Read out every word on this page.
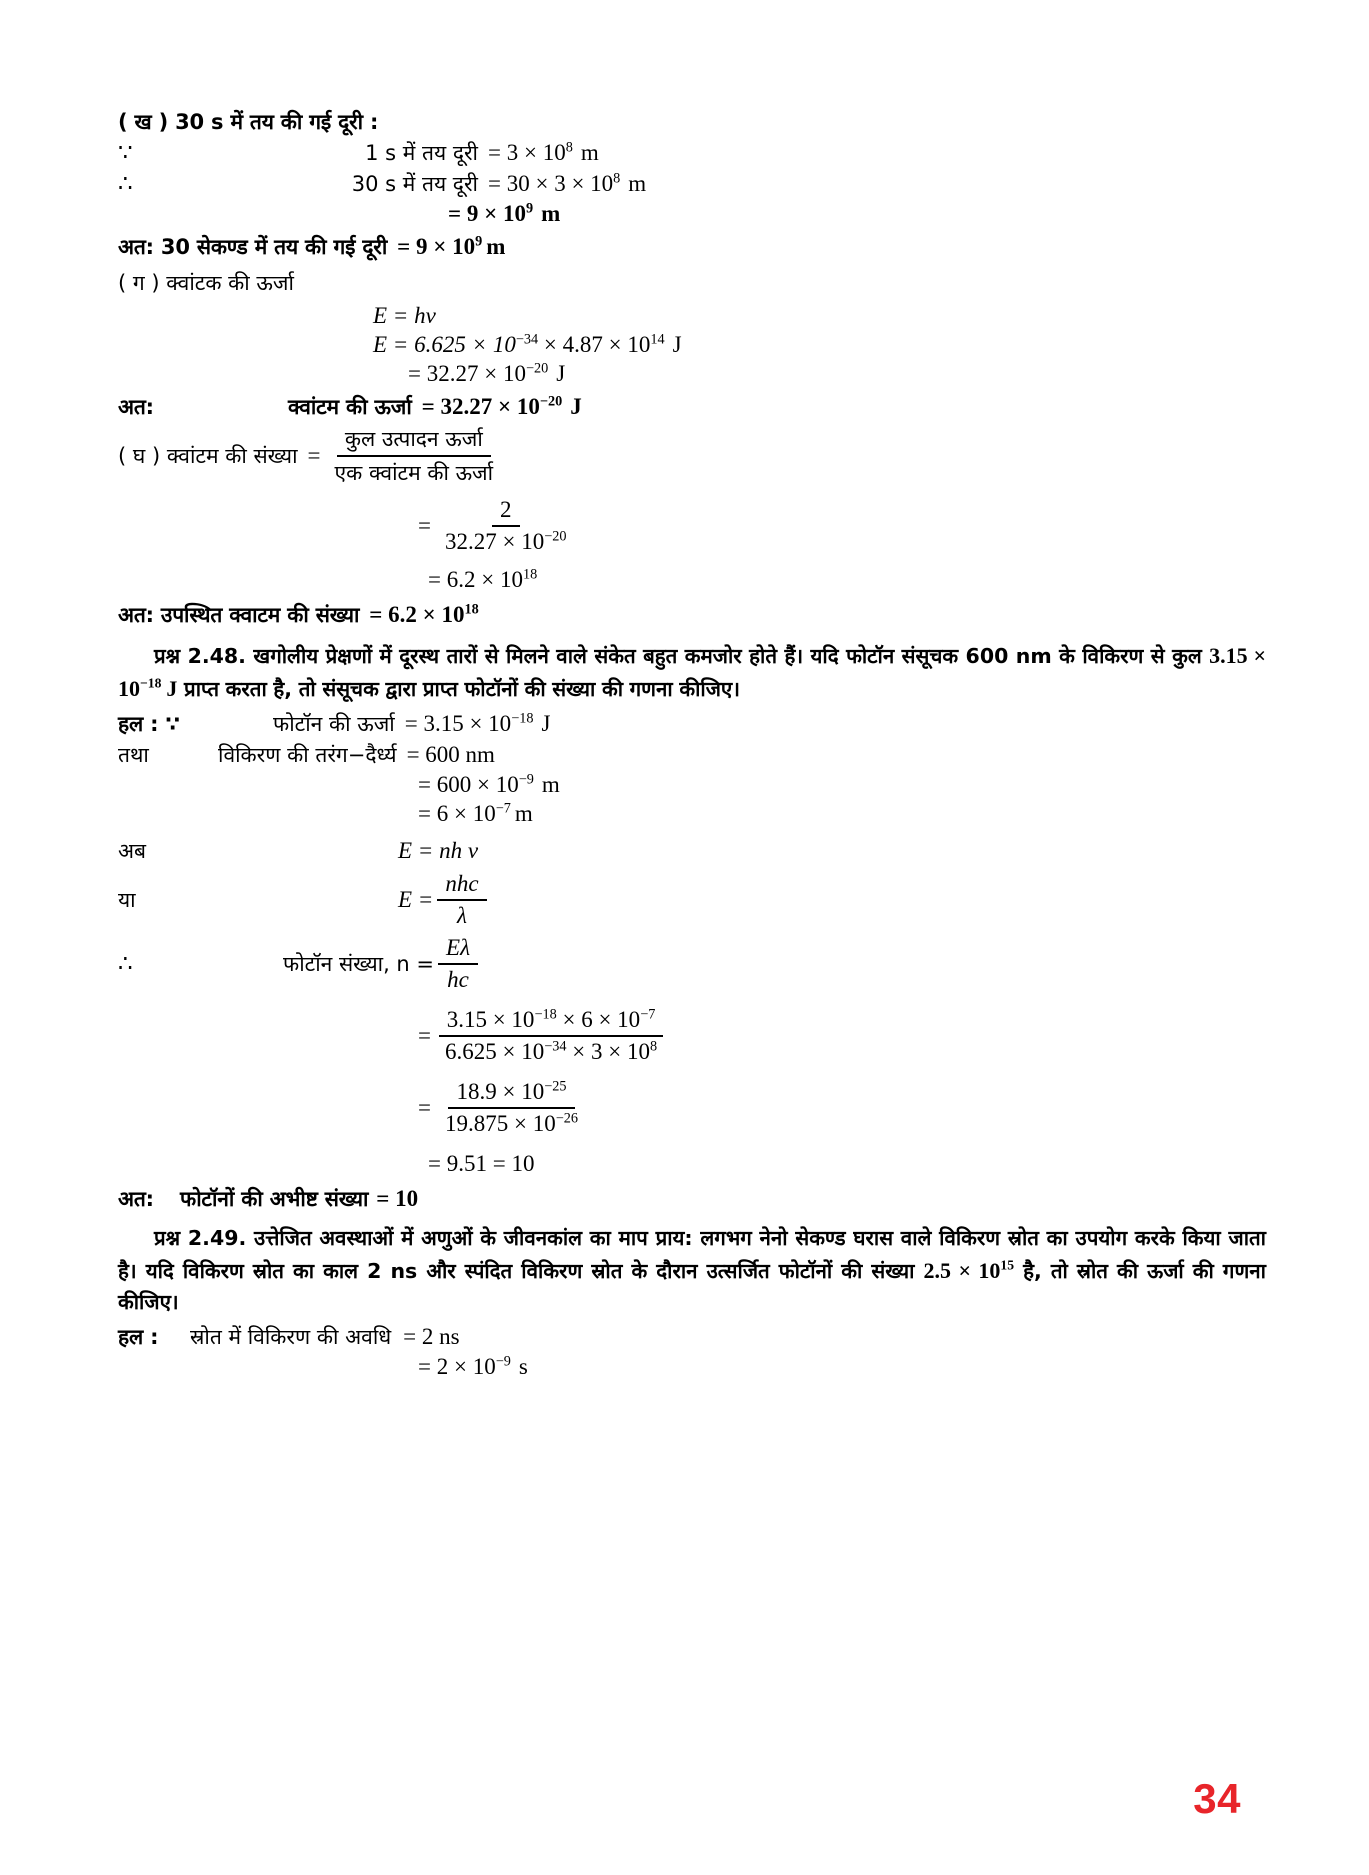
( ख ) 30 s में तय की गई दूरी :
∵	1 s में तय दूरी = $3 \times 10^8$ m
∴	30 s में तय दूरी = $30 \times 3 \times 10^8$ m
= $9 \times 10^9$ m
अत: 30 सेकण्ड में तय की गई दूरी = $9 \times 10^9$ m
( ग ) क्वांटक की ऊर्जा
E = hv
$E = 6.625 \times 10^{-34} \times 4.87 \times 10^{14}$ J
= $32.27 \times 10^{-20}$ J
अत:	क्वांटम की ऊर्जा = $32.27 \times 10^{-20}$ J
( घ ) क्वांटम की संख्या = $\frac{\text{कुल उत्पादन ऊर्जा}}{\text{एक क्वांटम की ऊर्जा}}$
= $\frac{2}{32.27 \times 10^{-20}}$
= $6.2 \times 10^{18}$
अत: उपस्थित क्वाटम की संख्या = $6.2 \times 10^{18}$
प्रश्न 2.48. खगोलीय प्रेक्षणों में दूरस्थ तारों से मिलने वाले संकेत बहुत कमजोर होते हैं। यदि फोटॉन संसूचक 600 nm के विकिरण से कुल $3.15 \times 10^{-18}$ J प्राप्त करता है, तो संसूचक द्वारा प्राप्त फोटॉनों की संख्या की गणना कीजिए।
हल : ∵	फोटॉन की ऊर्जा = $3.15 \times 10^{-18}$ J
तथा	विकिरण की तरंग−दैर्ध्य = 600 nm
= $600 \times 10^{-9}$ m
= $6 \times 10^{-7}$ m
अब	E = nh v
या	$E = \frac{\text{nhc}}{\lambda}$
∴	फोटॉन संख्या, $n = \frac{E\lambda}{hc}$
= $\frac{3.15 \times 10^{-18} \times 6 \times 10^{-7}}{6.625 \times 10^{-34} \times 3 \times 10^8}$
= $\frac{18.9 \times 10^{-25}}{19.875 \times 10^{-26}}$
= 9.51 = 10
अत: फोटॉनों की अभीष्ट संख्या = 10
प्रश्न 2.49. उत्तेजित अवस्थाओं में अणुओं के जीवनकांल का माप प्राय: लगभग नेनो सेकण्ड घरास वाले विकिरण स्रोत का उपयोग करके किया जाता है। यदि विकिरण स्रोत का काल 2 ns और स्पंदित विकिरण स्रोत के दौरान उत्सर्जित फोटॉनों की संख्या $2.5 \times 10^{15}$ है, तो स्रोत की ऊर्जा की गणना कीजिए।
हल :	स्रोत में विकिरण की अवधि = 2 ns
= $2 \times 10^{-9}$ s
34
